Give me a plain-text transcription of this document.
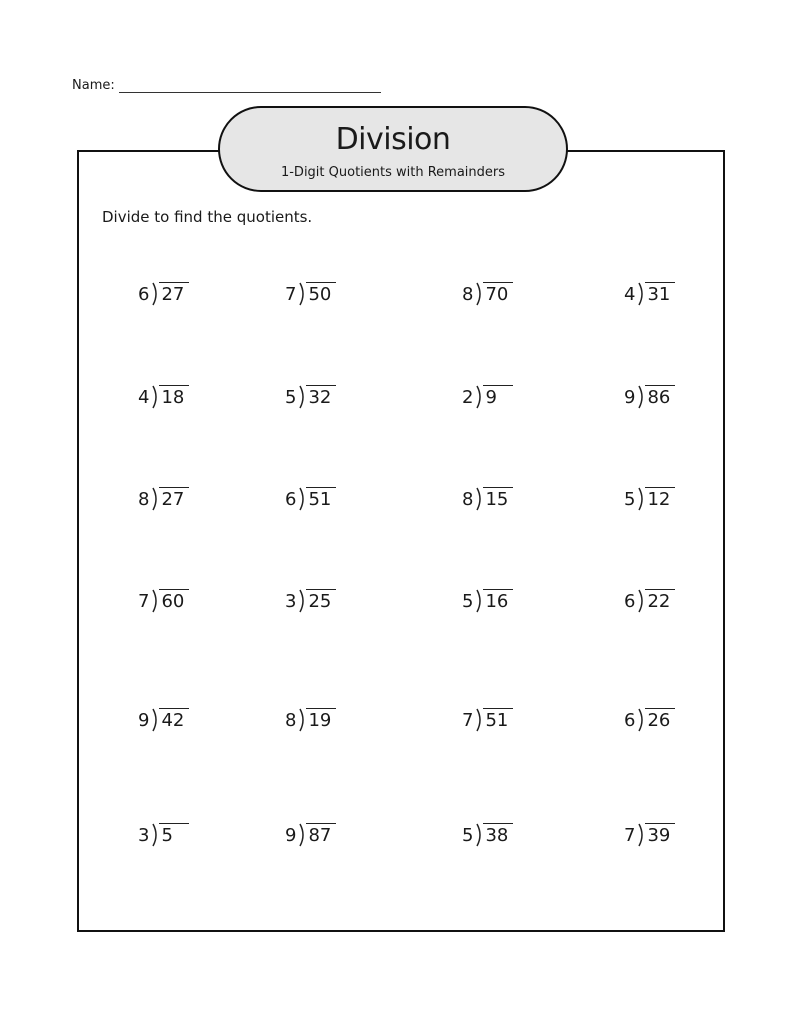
Name:
Division
1-Digit Quotients with Remainders
Divide to find the quotients.
6 27	7 50	8 70	4 31
4 18	5 32	2 9	9 86
8 27	6 51	8 15	5 12
7 60	3 25	5 16	6 22
9 42	8 19	7 51	6 26
3 5	9 87	5 38	7 39
